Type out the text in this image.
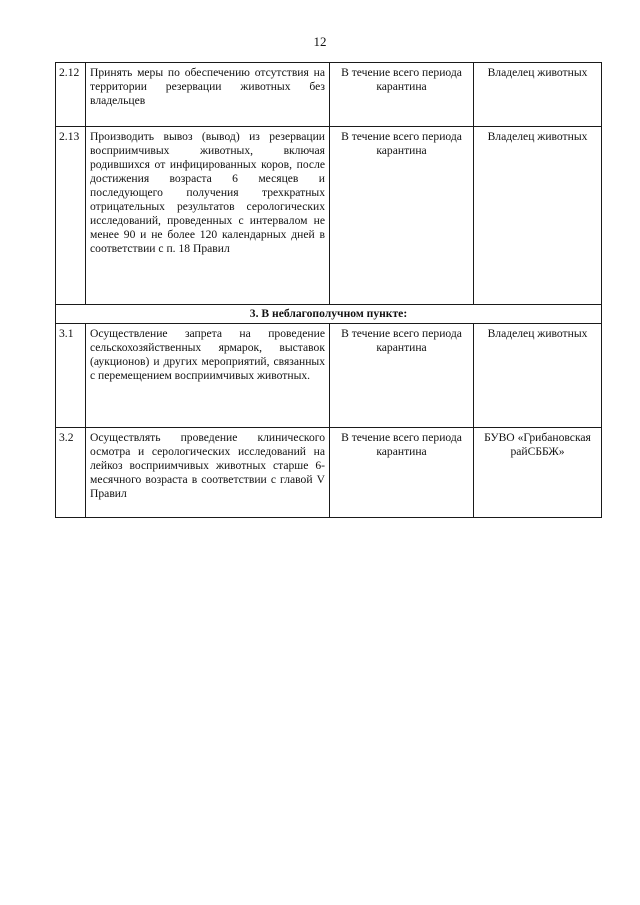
12
2.12	Принять меры по обеспечению отсутствия на территории резервации животных без владельцев	В течение всего периода карантина	Владелец животных
2.13	Производить вывоз (вывод) из резервации восприимчивых животных, включая родившихся от инфицированных коров, после достижения возраста 6 месяцев и последующего получения трехкратных отрицательных результатов серологических исследований, проведенных с интервалом не менее 90 и не более 120 календарных дней в соответствии с п. 18 Правил	В течение всего периода карантина	Владелец животных
3. В неблагополучном пункте:			
3.1	Осуществление запрета на проведение сельскохозяйственных ярмарок, выставок (аукционов) и других мероприятий, связанных с перемещением восприимчивых животных.	В течение всего периода карантина	Владелец животных
3.2	Осуществлять проведение клинического осмотра и серологических исследований на лейкоз восприимчивых животных старше 6-месячного возраста в соответствии с главой V Правил	В течение всего периода карантина	БУВО «Грибановская райСББЖ»
